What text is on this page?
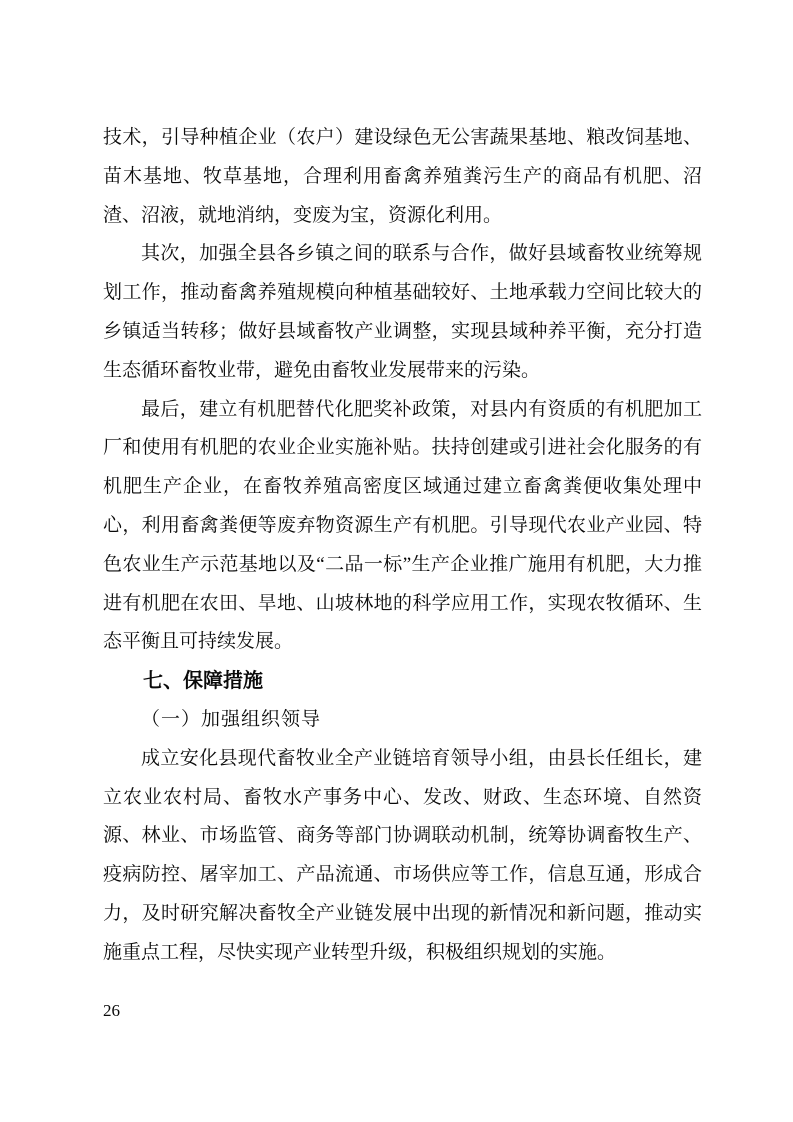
技术，引导种植企业（农户）建设绿色无公害蔬果基地、粮改饲基地、苗木基地、牧草基地，合理利用畜禽养殖粪污生产的商品有机肥、沼渣、沼液，就地消纳，变废为宝，资源化利用。

其次，加强全县各乡镇之间的联系与合作，做好县域畜牧业统筹规划工作，推动畜禽养殖规模向种植基础较好、土地承载力空间比较大的乡镇适当转移；做好县域畜牧产业调整，实现县域种养平衡，充分打造生态循环畜牧业带，避免由畜牧业发展带来的污染。

最后，建立有机肥替代化肥奖补政策，对县内有资质的有机肥加工厂和使用有机肥的农业企业实施补贴。扶持创建或引进社会化服务的有机肥生产企业，在畜牧养殖高密度区域通过建立畜禽粪便收集处理中心，利用畜禽粪便等废弃物资源生产有机肥。引导现代农业产业园、特色农业生产示范基地以及“二品一标”生产企业推广施用有机肥，大力推进有机肥在农田、旱地、山坡林地的科学应用工作，实现农牧循环、生态平衡且可持续发展。

七、保障措施
（一）加强组织领导

成立安化县现代畜牧业全产业链培育领导小组，由县长任组长，建立农业农村局、畜牧水产事务中心、发改、财政、生态环境、自然资源、林业、市场监管、商务等部门协调联动机制，统筹协调畜牧生产、疫病防控、屠宰加工、产品流通、市场供应等工作，信息互通，形成合力，及时研究解决畜牧全产业链发展中出现的新情况和新问题，推动实施重点工程，尽快实现产业转型升级，积极组织规划的实施。

26
